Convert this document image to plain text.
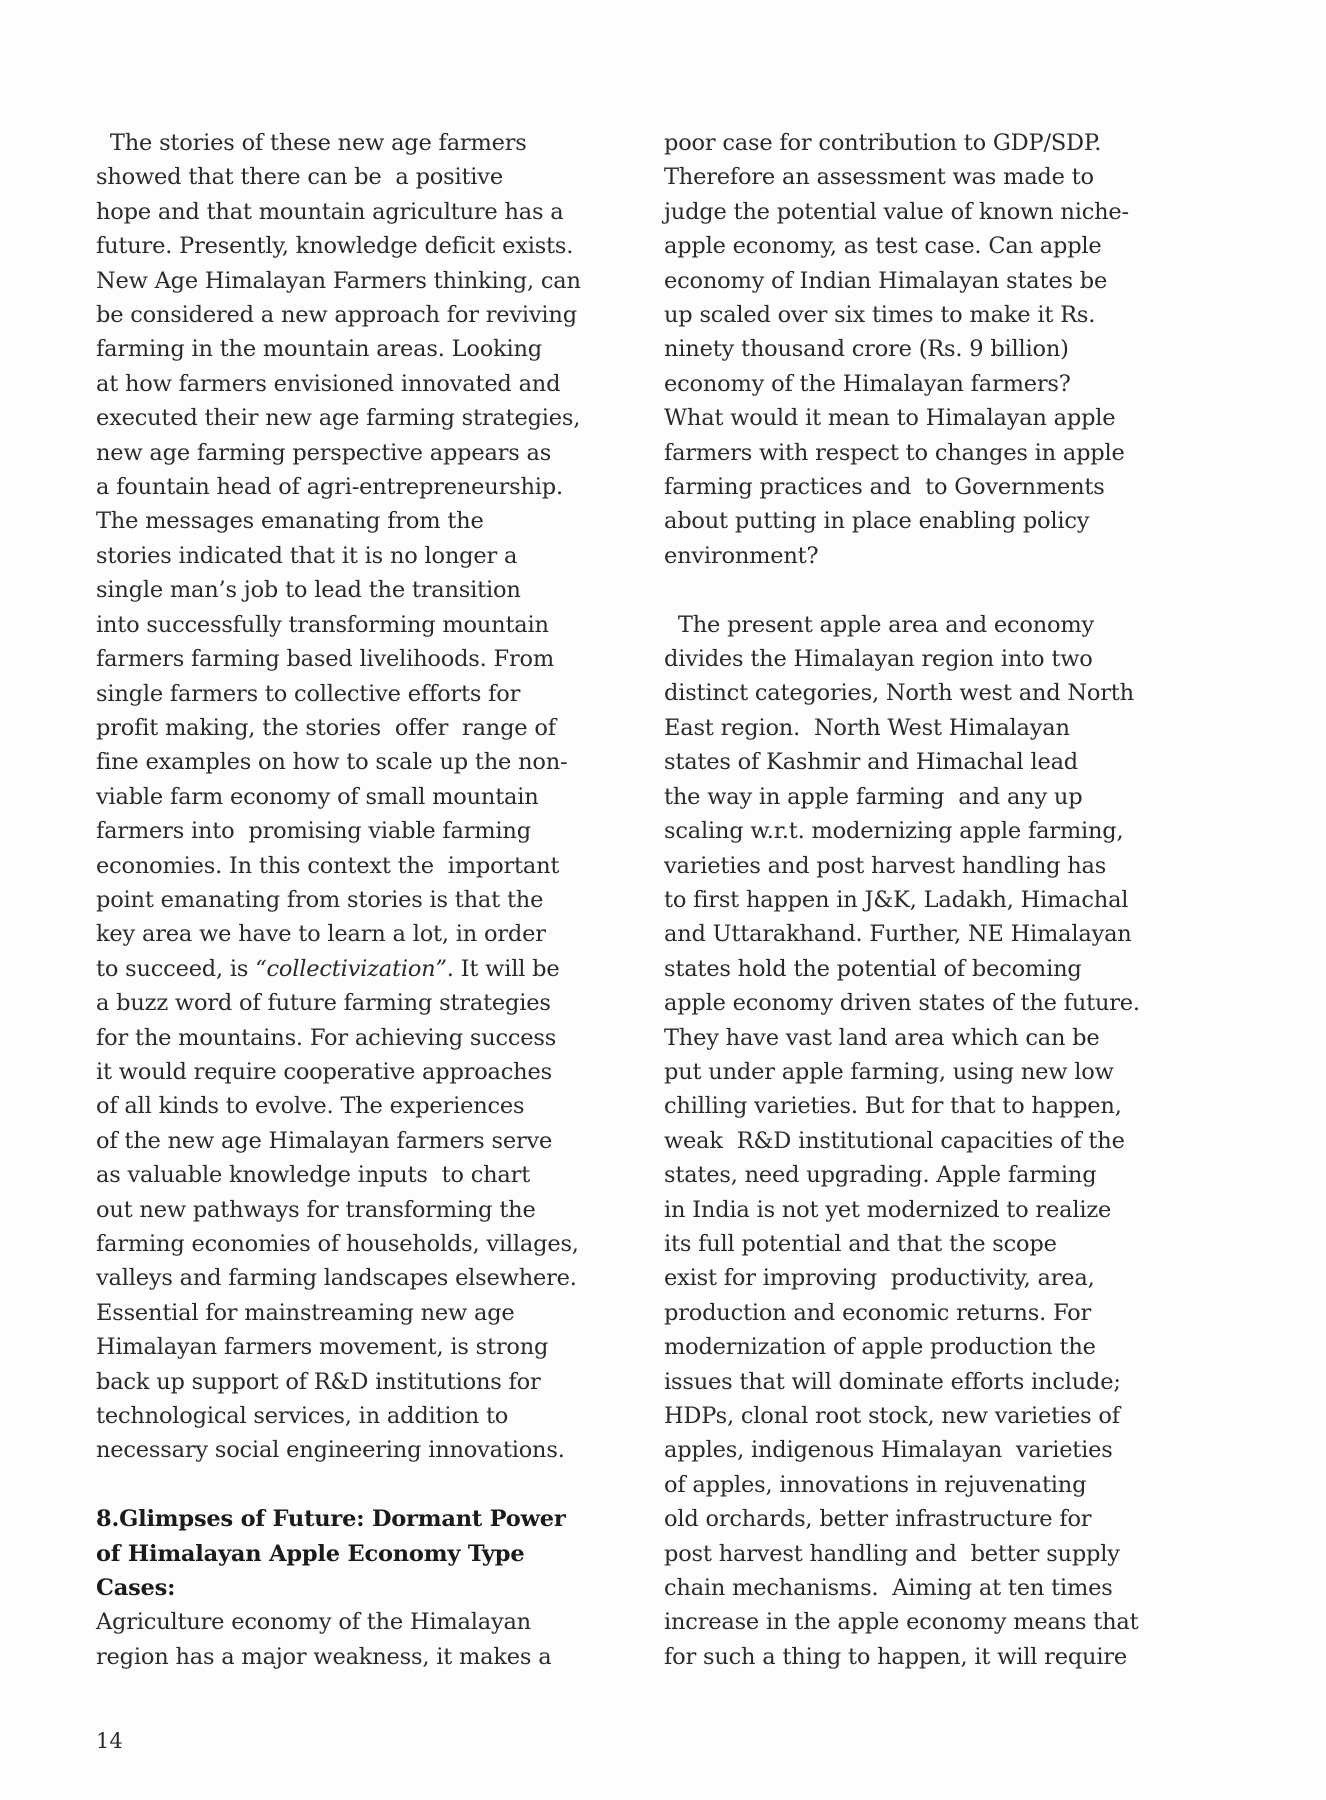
The stories of these new age farmers
showed that there can be  a positive
hope and that mountain agriculture has a
future. Presently, knowledge deficit exists.
New Age Himalayan Farmers thinking, can
be considered a new approach for reviving
farming in the mountain areas. Looking
at how farmers envisioned innovated and
executed their new age farming strategies,
new age farming perspective appears as
a fountain head of agri-entrepreneurship.
The messages emanating from the
stories indicated that it is no longer a
single man’s job to lead the transition
into successfully transforming mountain
farmers farming based livelihoods. From
single farmers to collective efforts for
profit making, the stories  offer  range of
fine examples on how to scale up the non-
viable farm economy of small mountain
farmers into  promising viable farming
economies. In this context the  important
point emanating from stories is that the
key area we have to learn a lot, in order
to succeed, is “collectivization”. It will be
a buzz word of future farming strategies
for the mountains. For achieving success
it would require cooperative approaches
of all kinds to evolve. The experiences
of the new age Himalayan farmers serve
as valuable knowledge inputs  to chart
out new pathways for transforming the
farming economies of households, villages,
valleys and farming landscapes elsewhere.
Essential for mainstreaming new age
Himalayan farmers movement, is strong
back up support of R&D institutions for
technological services, in addition to
necessary social engineering innovations.
8.Glimpses of Future: Dormant Power
of Himalayan Apple Economy Type
Cases:
Agriculture economy of the Himalayan
region has a major weakness, it makes a
poor case for contribution to GDP/SDP.
Therefore an assessment was made to
judge the potential value of known niche-
apple economy, as test case. Can apple
economy of Indian Himalayan states be
up scaled over six times to make it Rs.
ninety thousand crore (Rs. 9 billion)
economy of the Himalayan farmers?
What would it mean to Himalayan apple
farmers with respect to changes in apple
farming practices and  to Governments
about putting in place enabling policy
environment?
The present apple area and economy
divides the Himalayan region into two
distinct categories, North west and North
East region.  North West Himalayan
states of Kashmir and Himachal lead
the way in apple farming  and any up
scaling w.r.t. modernizing apple farming,
varieties and post harvest handling has
to first happen in J&K, Ladakh, Himachal
and Uttarakhand. Further, NE Himalayan
states hold the potential of becoming
apple economy driven states of the future.
They have vast land area which can be
put under apple farming, using new low
chilling varieties. But for that to happen,
weak  R&D institutional capacities of the
states, need upgrading. Apple farming
in India is not yet modernized to realize
its full potential and that the scope
exist for improving  productivity, area,
production and economic returns. For
modernization of apple production the
issues that will dominate efforts include;
HDPs, clonal root stock, new varieties of
apples, indigenous Himalayan  varieties
of apples, innovations in rejuvenating
old orchards, better infrastructure for
post harvest handling and  better supply
chain mechanisms.  Aiming at ten times
increase in the apple economy means that
for such a thing to happen, it will require
14
